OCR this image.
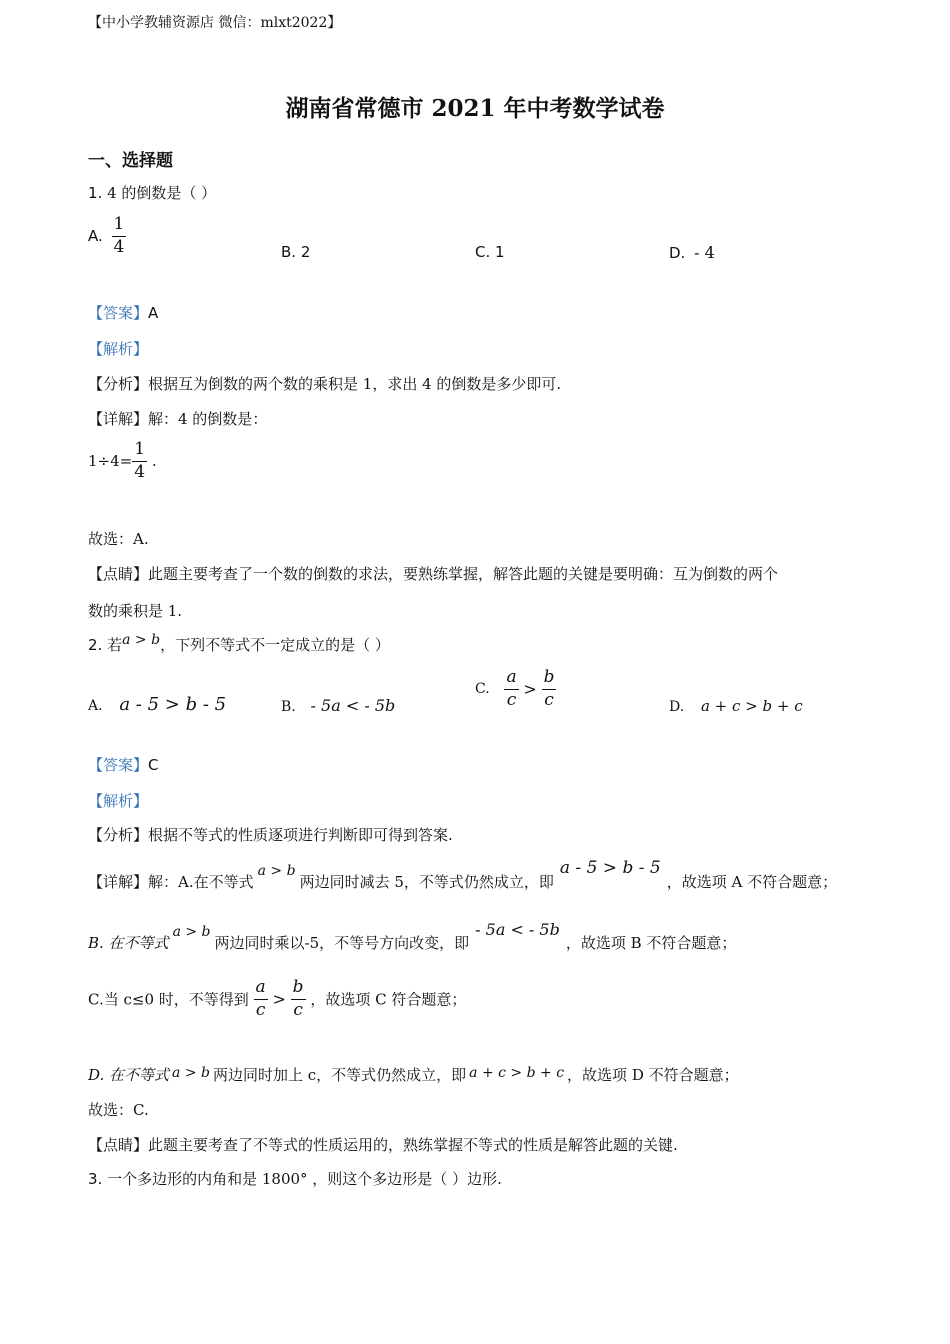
【中小学教辅资源店 微信：mlxt2022】
湖南省常德市 2021 年中考数学试卷
一、选择题
1. 4 的倒数是（ ）
A. $\frac{1}{4}$	B. 2	C. 1	D. - 4
【答案】A
【解析】
【分析】根据互为倒数的两个数的乘积是 1，求出 4 的倒数是多少即可.
【详解】解：4 的倒数是：
$1\div 4= \frac{1}{4}$ .
故选：A.
【点睛】此题主要考查了一个数的倒数的求法，要熟练掌握，解答此题的关键是要明确：互为倒数的两个
数的乘积是 1.
2. 若a > b，下列不等式不一定成立的是（ ）
A. a - 5 > b - 5	B. - 5a < - 5b
C. $\frac{a}{c} > \frac{b}{c}$	D. a + c > b + c
【答案】C
【解析】
【分析】根据不等式的性质逐项进行判断即可得到答案.
【详解】解：A.在不等式a > b两边同时减去 5，不等式仍然成立，即a - 5 > b - 5，故选项 A 不符合题意；
B. 在不等式a > b两边同时乘以-5，不等号方向改变，即- 5a < - 5b，故选项 B 不符合题意；
C.当 c≤0 时，不等得到 $\frac{a}{c} > \frac{b}{c}$ ，故选项 C 符合题意；
D. 在不等式 a > b 两边同时加上 c，不等式仍然成立，即 a + c > b + c ，故选项 D 不符合题意；
故选：C.
【点睛】此题主要考查了不等式的性质运用的，熟练掌握不等式的性质是解答此题的关键.
3. 一个多边形的内角和是 1800° ，则这个多边形是（ ）边形.
